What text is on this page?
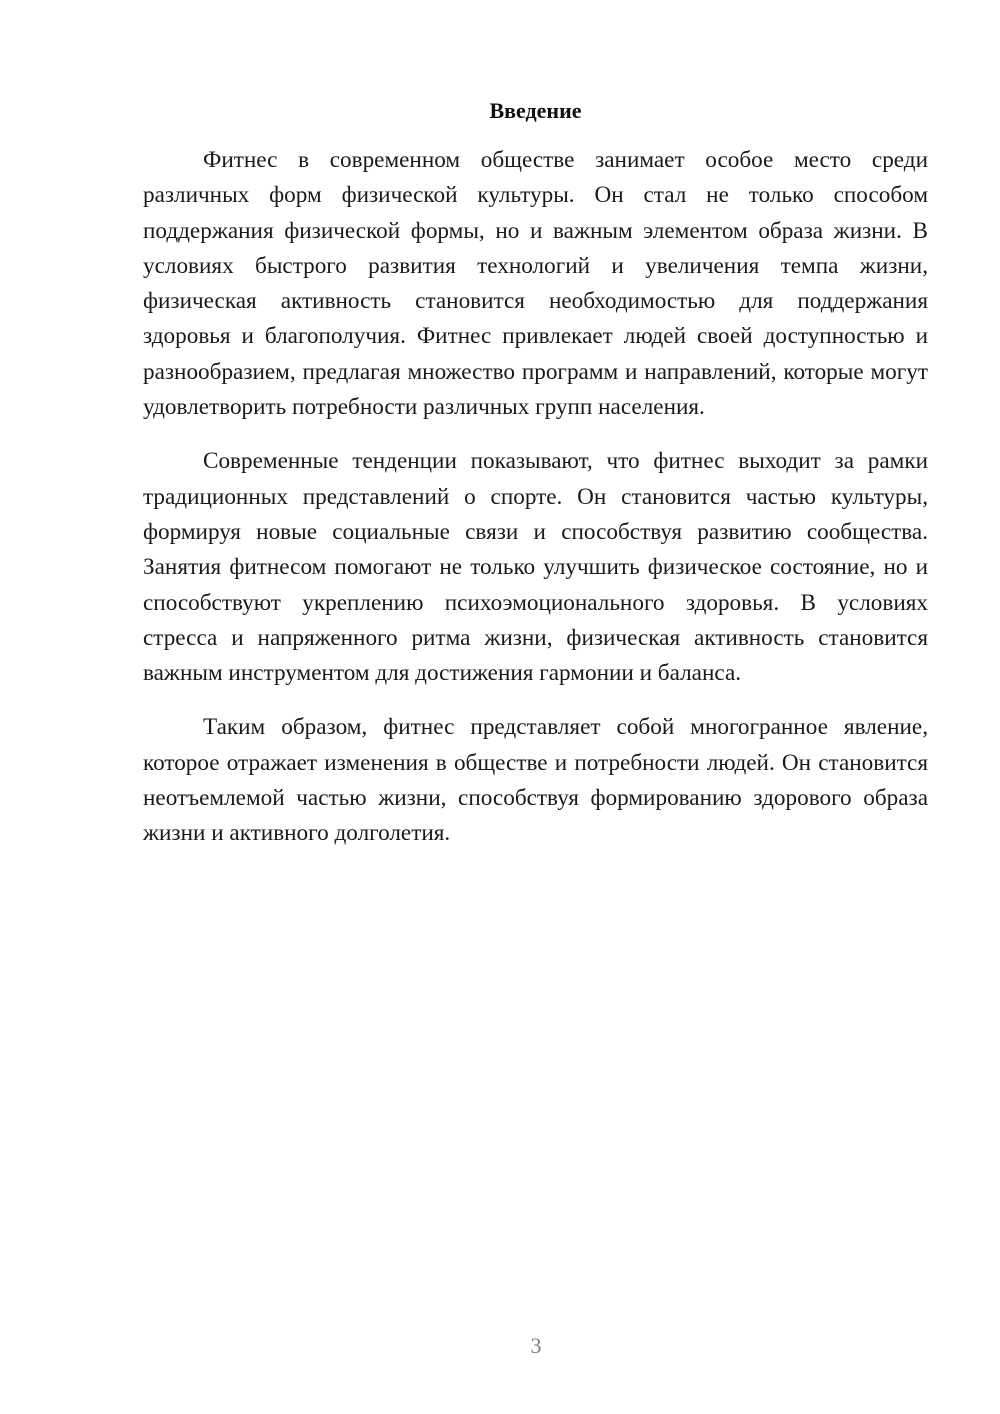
Введение

Фитнес в современном обществе занимает особое место среди различных форм физической культуры. Он стал не только способом поддержания физической формы, но и важным элементом образа жизни. В условиях быстрого развития технологий и увеличения темпа жизни, физическая активность становится необходимостью для поддержания здоровья и благополучия. Фитнес привлекает людей своей доступностью и разнообразием, предлагая множество программ и направлений, которые могут удовлетворить потребности различных групп населения.

Современные тенденции показывают, что фитнес выходит за рамки традиционных представлений о спорте. Он становится частью культуры, формируя новые социальные связи и способствуя развитию сообщества. Занятия фитнесом помогают не только улучшить физическое состояние, но и способствуют укреплению психоэмоционального здоровья. В условиях стресса и напряженного ритма жизни, физическая активность становится важным инструментом для достижения гармонии и баланса.

Таким образом, фитнес представляет собой многогранное явление, которое отражает изменения в обществе и потребности людей. Он становится неотъемлемой частью жизни, способствуя формированию здорового образа жизни и активного долголетия.

3
